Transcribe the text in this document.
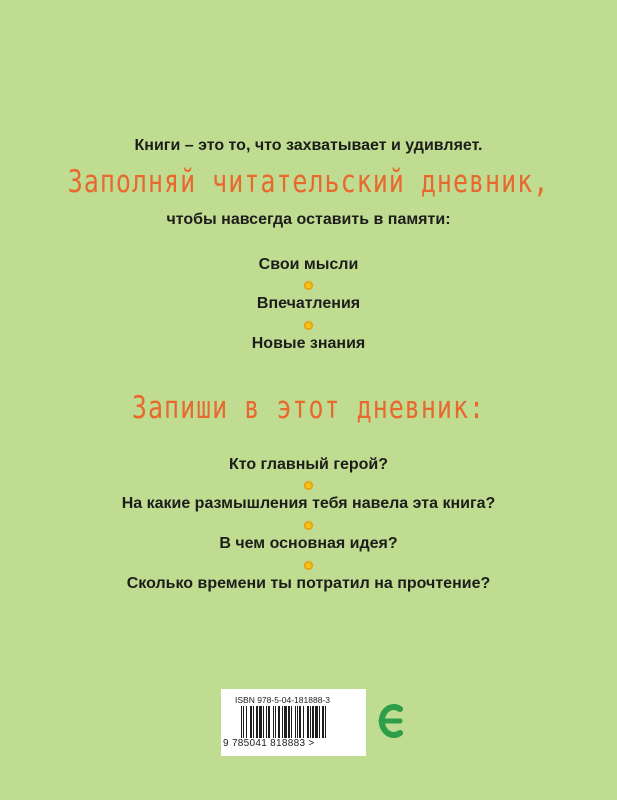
Книги – это то, что захватывает и удивляет.
Заполняй читательский дневник,
чтобы навсегда оставить в памяти:
Свои мысли
Впечатления
Новые знания
Запиши в этот дневник:
Кто главный герой?
На какие размышления тебя навела эта книга?
В чем основная идея?
Сколько времени ты потратил на прочтение?
ISBN 978-5-04-181888-3
9 785041 818883 >
